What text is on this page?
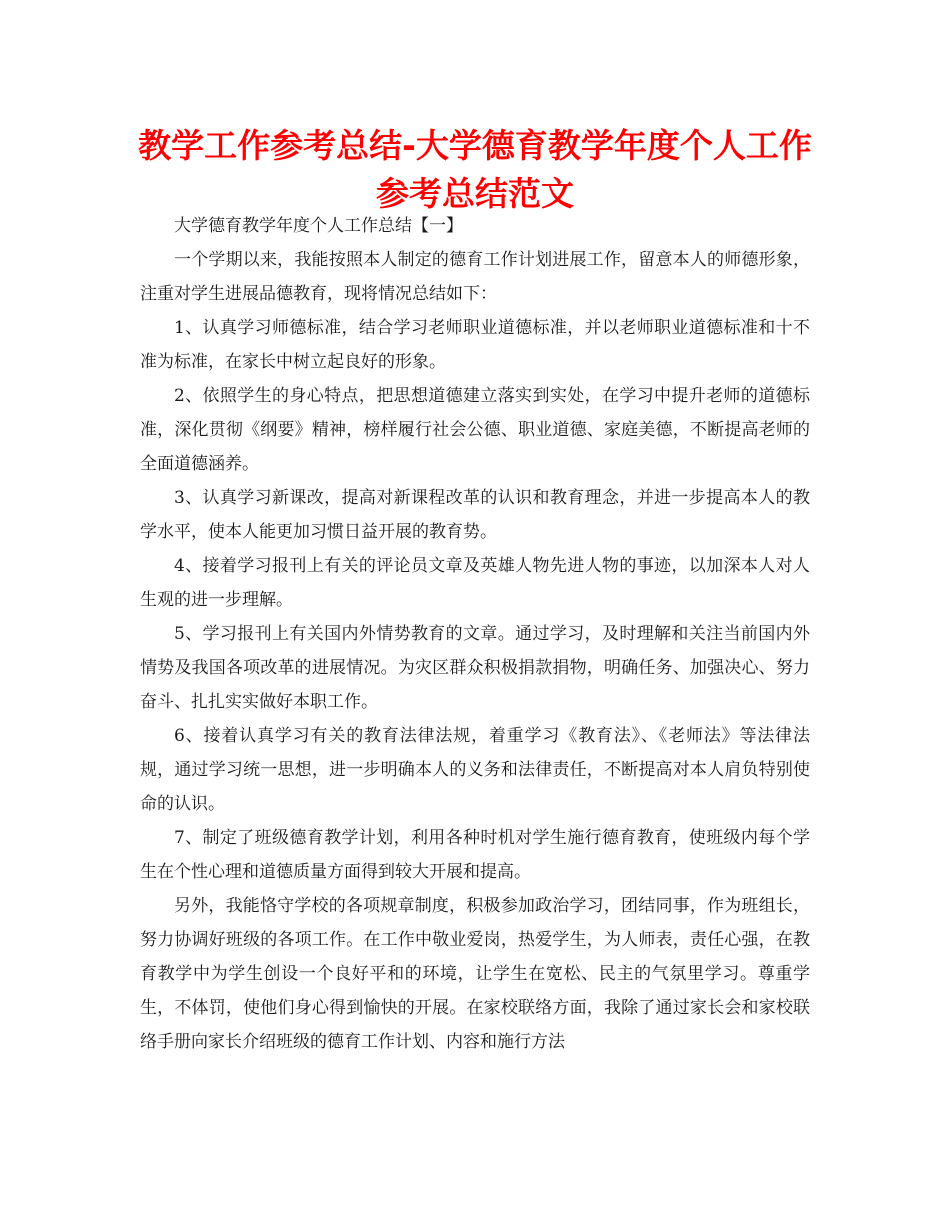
教学工作参考总结-大学德育教学年度个人工作参考总结范文

大学德育教学年度个人工作总结【一】

一个学期以来，我能按照本人制定的德育工作计划进展工作，留意本人的师德形象，注重对学生进展品德教育，现将情况总结如下：

1、认真学习师德标准，结合学习老师职业道德标准，并以老师职业道德标准和十不准为标准，在家长中树立起良好的形象。

2、依照学生的身心特点，把思想道德建立落实到实处，在学习中提升老师的道德标准，深化贯彻《纲要》精神，榜样履行社会公德、职业道德、家庭美德，不断提高老师的全面道德涵养。

3、认真学习新课改，提高对新课程改革的认识和教育理念，并进一步提高本人的教学水平，使本人能更加习惯日益开展的教育势。

4、接着学习报刊上有关的评论员文章及英雄人物先进人物的事迹，以加深本人对人生观的进一步理解。

5、学习报刊上有关国内外情势教育的文章。通过学习，及时理解和关注当前国内外情势及我国各项改革的进展情况。为灾区群众积极捐款捐物，明确任务、加强决心、努力奋斗、扎扎实实做好本职工作。

6、接着认真学习有关的教育法律法规，着重学习《教育法》、《老师法》等法律法规，通过学习统一思想，进一步明确本人的义务和法律责任，不断提高对本人肩负特别使命的认识。

7、制定了班级德育教学计划，利用各种时机对学生施行德育教育，使班级内每个学生在个性心理和道德质量方面得到较大开展和提高。

另外，我能恪守学校的各项规章制度，积极参加政治学习，团结同事，作为班组长，努力协调好班级的各项工作。在工作中敬业爱岗，热爱学生，为人师表，责任心强，在教育教学中为学生创设一个良好平和的环境，让学生在宽松、民主的气氛里学习。尊重学生，不体罚，使他们身心得到愉快的开展。在家校联络方面，我除了通过家长会和家校联络手册向家长介绍班级的德育工作计划、内容和施行方法
